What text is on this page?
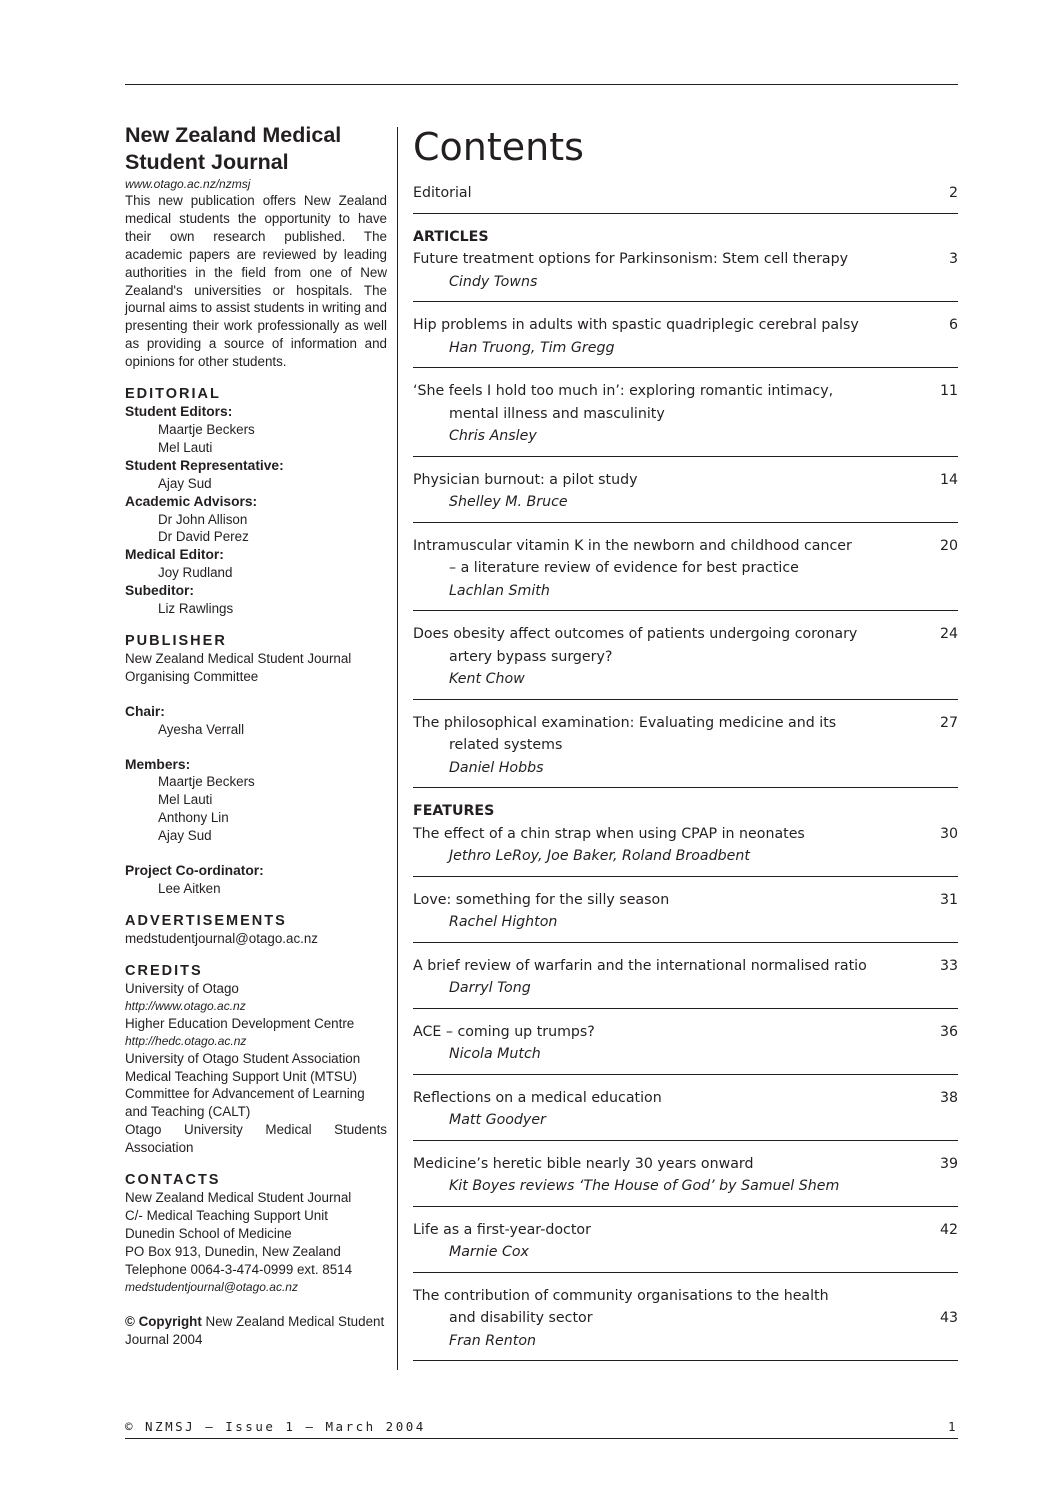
New Zealand Medical Student Journal
www.otago.ac.nz/nzmsj
This new publication offers New Zealand medical students the opportunity to have their own research published. The academic papers are reviewed by leading authorities in the field from one of New Zealand's universities or hospitals. The journal aims to assist students in writing and presenting their work professionally as well as providing a source of information and opinions for other students.
EDITORIAL
Student Editors:
Maartje Beckers
Mel Lauti
Student Representative:
Ajay Sud
Academic Advisors:
Dr John Allison
Dr David Perez
Medical Editor:
Joy Rudland
Subeditor:
Liz Rawlings
PUBLISHER
New Zealand Medical Student Journal
Organising Committee
Chair:
Ayesha Verrall
Members:
Maartje Beckers
Mel Lauti
Anthony Lin
Ajay Sud
Project Co-ordinator:
Lee Aitken
ADVERTISEMENTS
medstudentjournal@otago.ac.nz
CREDITS
University of Otago
http://www.otago.ac.nz
Higher Education Development Centre
http://hedc.otago.ac.nz
University of Otago Student Association
Medical Teaching Support Unit (MTSU)
Committee for Advancement of Learning and Teaching (CALT)
Otago University Medical Students Association
CONTACTS
New Zealand Medical Student Journal
C/- Medical Teaching Support Unit
Dunedin School of Medicine
PO Box 913, Dunedin, New Zealand
Telephone 0064-3-474-0999 ext. 8514
medstudentjournal@otago.ac.nz
© Copyright New Zealand Medical Student Journal 2004
Contents
Editorial	2
ARTICLES
Future treatment options for Parkinsonism: Stem cell therapy
Cindy Towns
3
Hip problems in adults with spastic quadriplegic cerebral palsy
Han Truong, Tim Gregg
6
‘She feels I hold too much in’: exploring romantic intimacy,
mental illness and masculinity
Chris Ansley
11
Physician burnout: a pilot study
Shelley M. Bruce
14
Intramuscular vitamin K in the newborn and childhood cancer
– a literature review of evidence for best practice
Lachlan Smith
20
Does obesity affect outcomes of patients undergoing coronary
artery bypass surgery?
Kent Chow
24
The philosophical examination: Evaluating medicine and its
related systems
Daniel Hobbs
27
FEATURES
The effect of a chin strap when using CPAP in neonates
Jethro LeRoy, Joe Baker, Roland Broadbent
30
Love: something for the silly season
Rachel Highton
31
A brief review of warfarin and the international normalised ratio
Darryl Tong
33
ACE – coming up trumps?
Nicola Mutch
36
Reflections on a medical education
Matt Goodyer
38
Medicine’s heretic bible nearly 30 years onward
Kit Boyes reviews ‘The House of God’ by Samuel Shem
39
Life as a first-year-doctor
Marnie Cox
42
The contribution of community organisations to the health
and disability sector
Fran Renton
43
© NZMSJ – Issue 1 – March 2004	1
